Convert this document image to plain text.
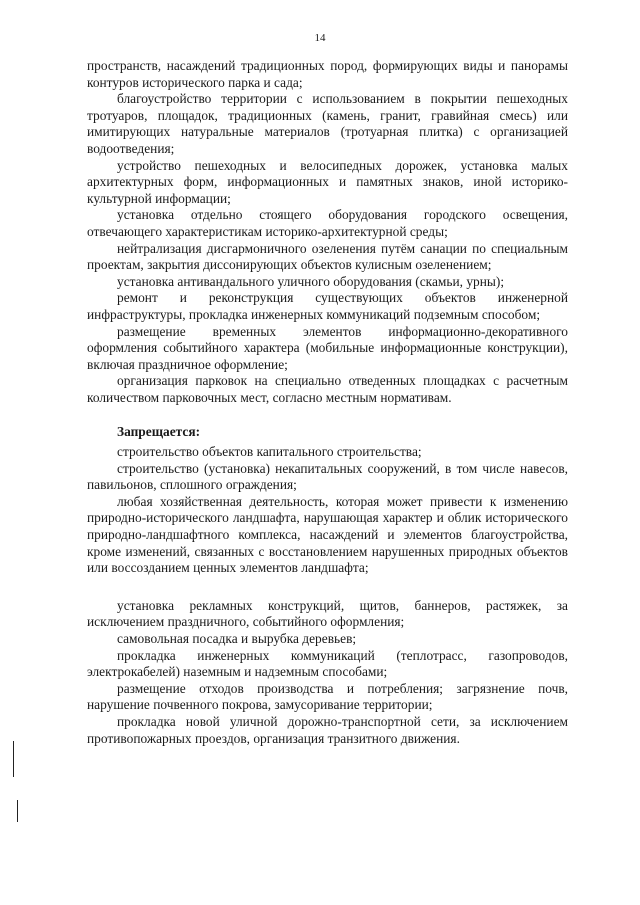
14

пространств, насаждений традиционных пород, формирующих виды и панорамы контуров исторического парка и сада;

благоустройство территории с использованием в покрытии пешеходных тротуаров, площадок, традиционных (камень, гранит, гравийная смесь) или имитирующих натуральные материалов (тротуарная плитка) с организацией водоотведения;

устройство пешеходных и велосипедных дорожек, установка малых архитектурных форм, информационных и памятных знаков, иной историко-культурной информации;

установка отдельно стоящего оборудования городского освещения, отвечающего характеристикам историко-архитектурной среды;

нейтрализация дисгармоничного озеленения путём санации по специальным проектам, закрытия диссонирующих объектов кулисным озеленением;

установка антивандального уличного оборудования (скамьи, урны);

ремонт и реконструкция существующих объектов инженерной инфраструктуры, прокладка инженерных коммуникаций подземным способом;

размещение временных элементов информационно-декоративного оформления событийного характера (мобильные информационные конструкции), включая праздничное оформление;

организация парковок на специально отведенных площадках с расчетным количеством парковочных мест, согласно местным нормативам.

Запрещается:

строительство объектов капитального строительства;

строительство (установка) некапитальных сооружений, в том числе навесов, павильонов, сплошного ограждения;

любая хозяйственная деятельность, которая может привести к изменению природно-исторического ландшафта, нарушающая характер и облик исторического природно-ландшафтного комплекса, насаждений и элементов благоустройства, кроме изменений, связанных с восстановлением нарушенных природных объектов или воссозданием ценных элементов ландшафта;

установка рекламных конструкций, щитов, баннеров, растяжек, за исключением праздничного, событийного оформления;

самовольная посадка и вырубка деревьев;

прокладка инженерных коммуникаций (теплотрасс, газопроводов, электрокабелей) наземным и надземным способами;

размещение отходов производства и потребления; загрязнение почв, нарушение почвенного покрова, замусоривание территории;

прокладка новой уличной дорожно-транспортной сети, за исключением противопожарных проездов, организация транзитного движения.
